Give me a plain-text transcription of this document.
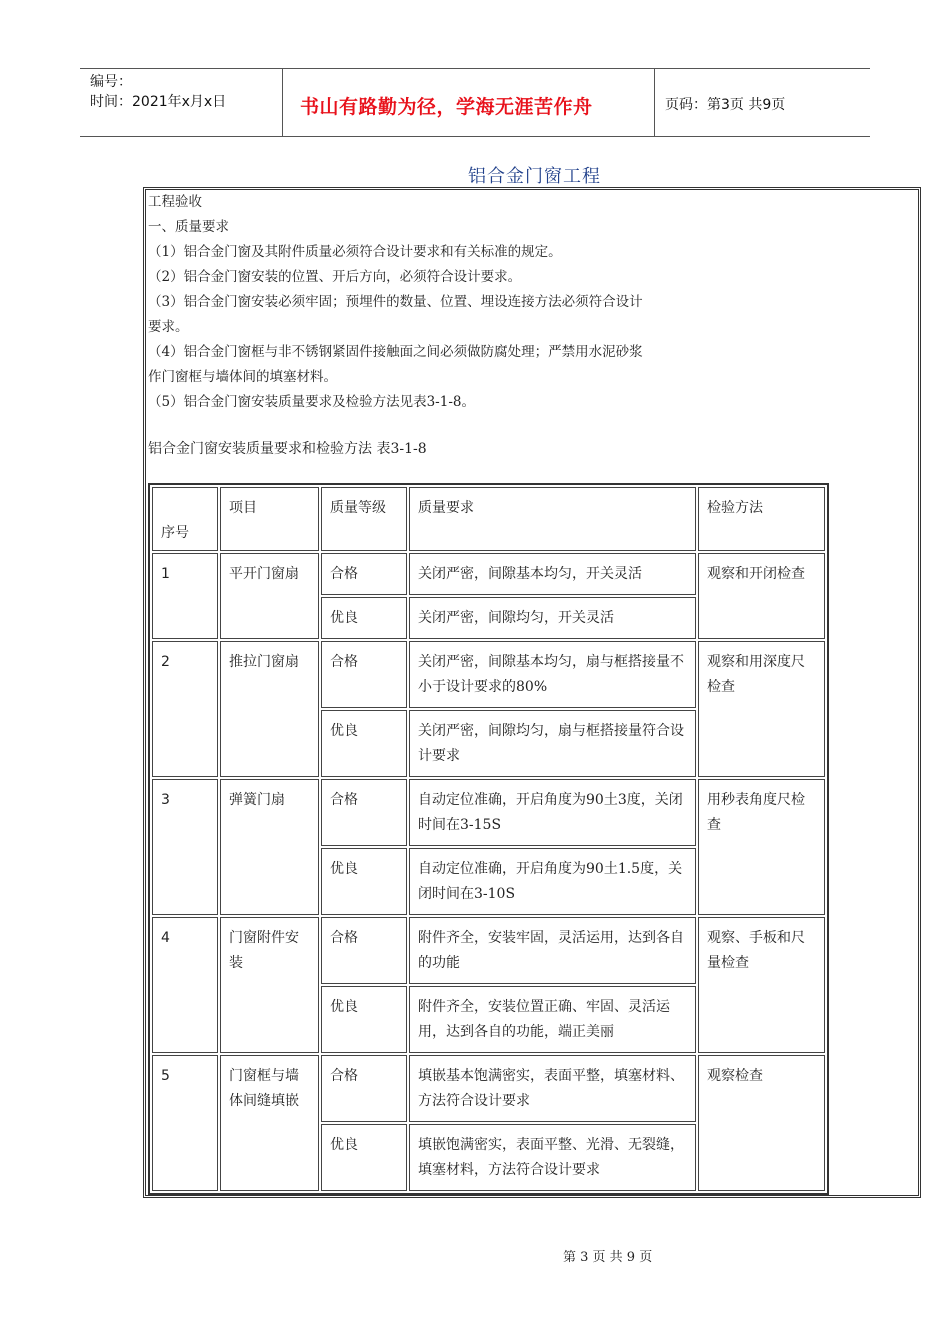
编号：
时间：2021年x月x日	书山有路勤为径，学海无涯苦作舟	页码：第3页 共9页
铝合金门窗工程

工程验收

一、质量要求

（1）铝合金门窗及其附件质量必须符合设计要求和有关标准的规定。

（2）铝合金门窗安装的位置、开后方向，必须符合设计要求。

（3）铝合金门窗安装必须牢固；预埋件的数量、位置、埋设连接方法必须符合设计

要求。

（4）铝合金门窗框与非不锈钢紧固件接触面之间必须做防腐处理；严禁用水泥砂浆

作门窗框与墙体间的填塞材料。

（5）铝合金门窗安装质量要求及检验方法见表3-1-8。

铝合金门窗安装质量要求和检验方法 表3-1-8
序号	项目	质量等级	质量要求	检验方法
1	平开门窗扇	合格	关闭严密，间隙基本均匀，开关灵活	观察和开闭检查
		优良	关闭严密，间隙均匀，开关灵活	
2	推拉门窗扇	合格	关闭严密，间隙基本均匀，扇与框搭接量不小于设计要求的80%	观察和用深度尺检查
		优良	关闭严密，间隙均匀，扇与框搭接量符合设计要求	
3	弹簧门扇	合格	自动定位准确，开启角度为90土3度，关闭时间在3-15S	用秒表角度尺检查
		优良	自动定位准确，开启角度为90土1.5度，关闭时间在3-10S	
4	门窗附件安装	合格	附件齐全，安装牢固，灵活运用，达到各自的功能	观察、手板和尺量检查
		优良	附件齐全，安装位置正确、牢固、灵活运用，达到各自的功能，端正美丽	
5	门窗框与墙体间缝填嵌	合格	填嵌基本饱满密实，表面平整，填塞材料、方法符合设计要求	观察检查
		优良	填嵌饱满密实，表面平整、光滑、无裂缝，填塞材料，方法符合设计要求	
第 3 页 共 9 页
